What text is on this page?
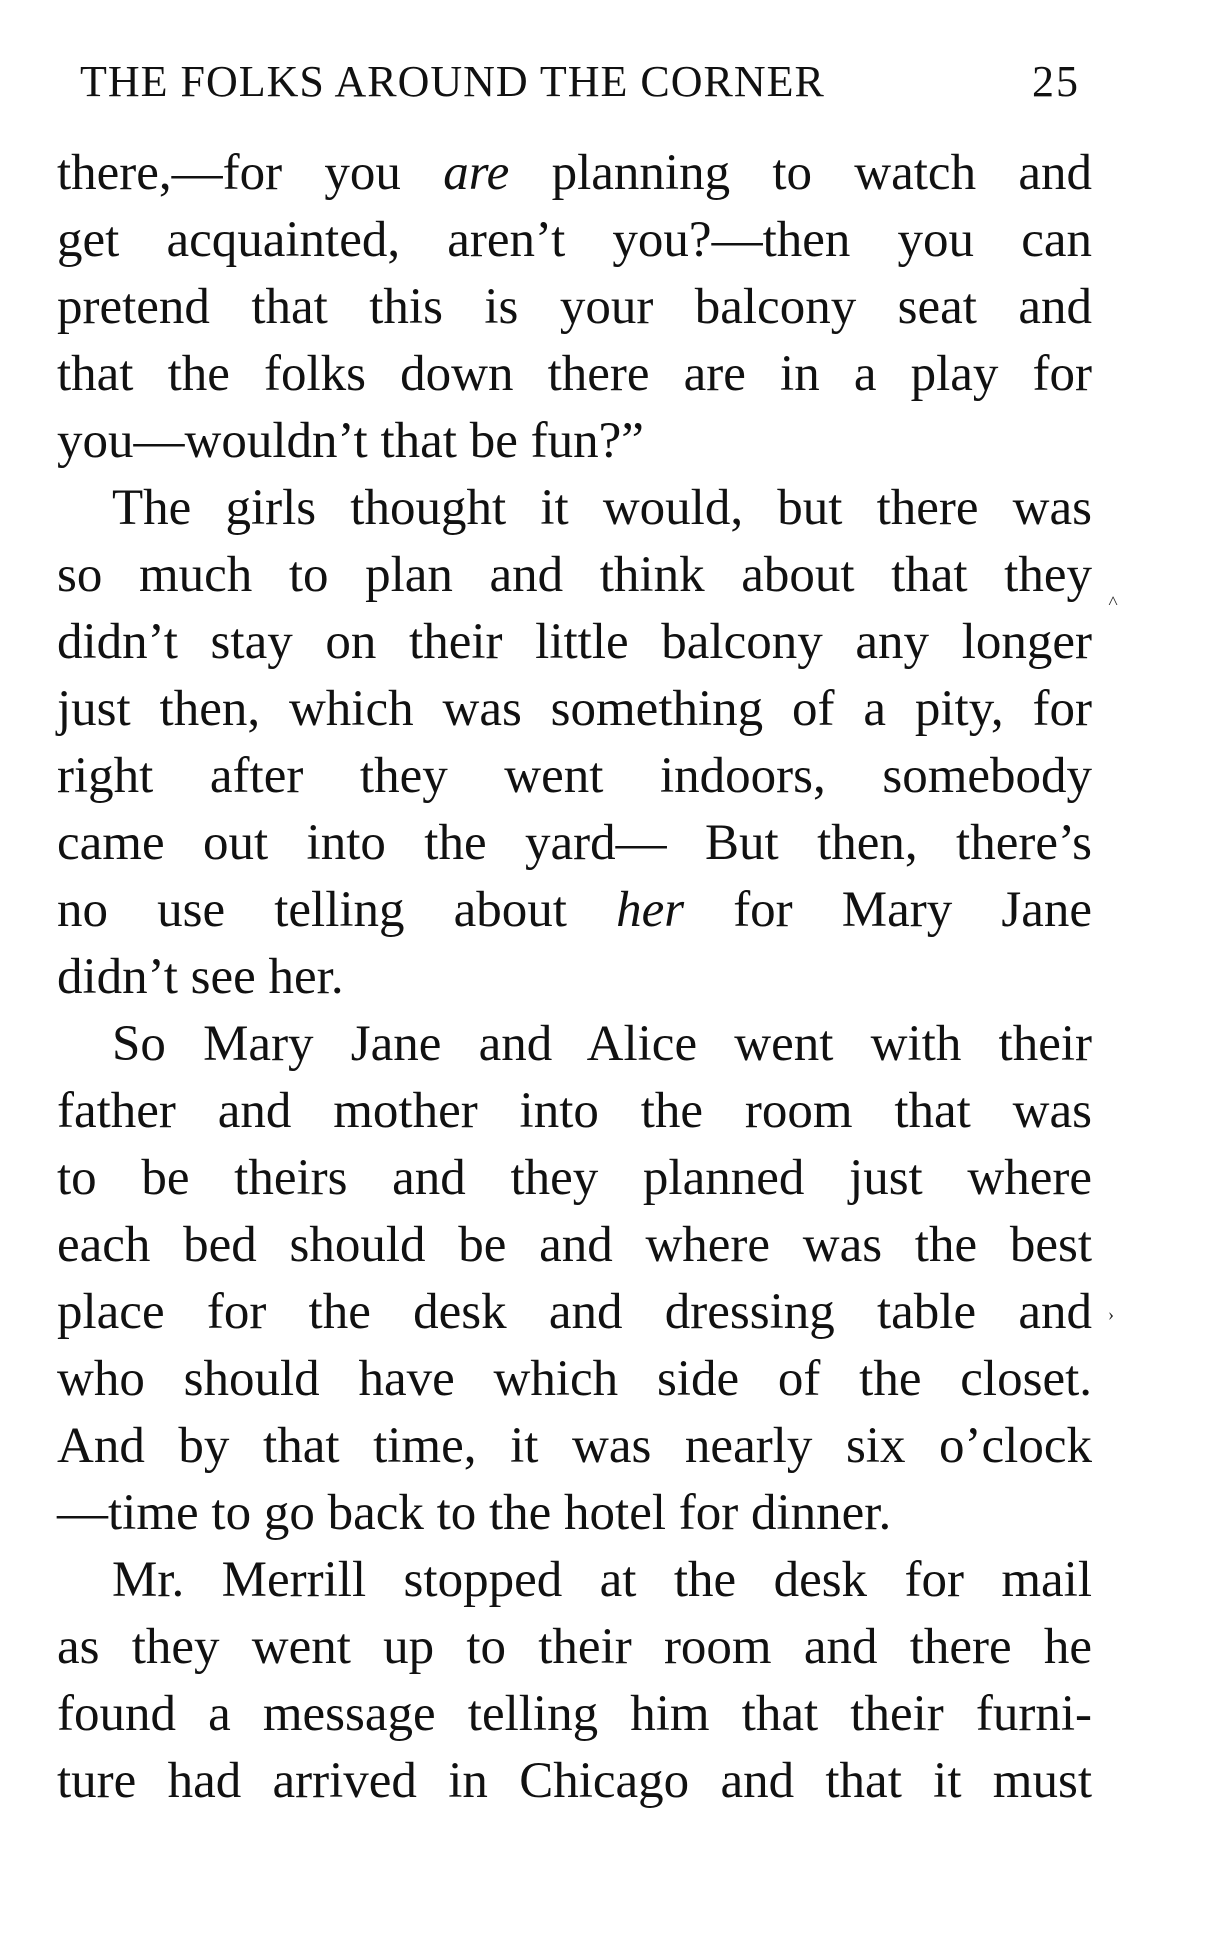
THE FOLKS AROUND THE CORNER	25
there,—for you are planning to watch and
get acquainted, aren’t you?—then you can
pretend that this is your balcony seat and
that the folks down there are in a play for
you—wouldn’t that be fun?”
The girls thought it would, but there was
so much to plan and think about that they
didn’t stay on their little balcony any longer
just then, which was something of a pity, for
right after they went indoors, somebody
came out into the yard— But then, there’s
no use telling about her for Mary Jane
didn’t see her.
So Mary Jane and Alice went with their
father and mother into the room that was
to be theirs and they planned just where
each bed should be and where was the best
place for the desk and dressing table and
who should have which side of the closet.
And by that time, it was nearly six o’clock
—time to go back to the hotel for dinner.
Mr. Merrill stopped at the desk for mail
as they went up to their room and there he
found a message telling him that their furni-
ture had arrived in Chicago and that it must
˄
›
